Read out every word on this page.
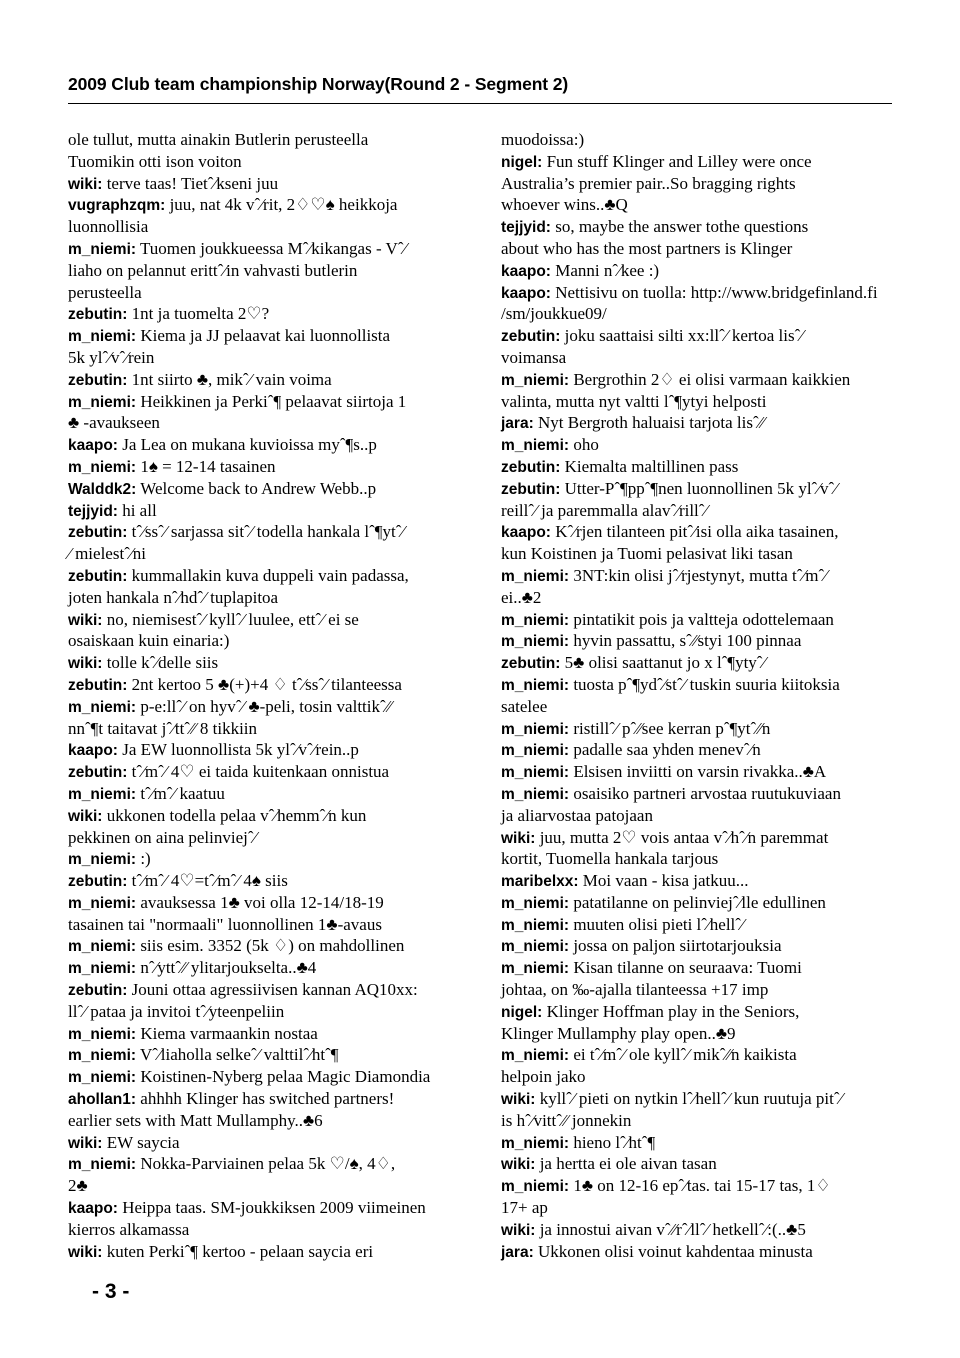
2009 Club team championship Norway(Round 2 - Segment 2)
ole tullut, mutta ainakin Butlerin perusteella
Tuomikin otti ison voiton
wiki: terve taas! Tietˆ⁄kseni juu
vugraphzqm: juu, nat 4k vˆ⁄rit, 2♢♡♠ heikkoja
luonnollisia
m_niemi: Tuomen joukkueessa Mˆ⁄kikangas - Vˆ⁄
liaho on pelannut erittˆ⁄in vahvasti butlerin
perusteella
zebutin: 1nt ja tuomelta 2♡?
m_niemi: Kiema ja JJ pelaavat kai luonnollista
5k ylˆ⁄vˆ⁄rein
zebutin: 1nt siirto ♣, mikˆ⁄ vain voima
m_niemi: Heikkinen ja Perkiˆ¶ pelaavat siirtoja 1
♣ -avaukseen
kaapo: Ja Lea on mukana kuvioissa myˆ¶s..p
m_niemi: 1♠ = 12-14 tasainen
Walddk2: Welcome back to Andrew Webb..p
tejjyid: hi all
zebutin: tˆ⁄ssˆ⁄ sarjassa sitˆ⁄ todella hankala lˆ¶ytˆ⁄
⁄ mielestˆ⁄ni
zebutin: kummallakin kuva duppeli vain padassa,
joten hankala nˆ⁄hdˆ⁄ tuplapitoa
wiki: no, niemisestˆ⁄ kyllˆ⁄ luulee, ettˆ⁄ ei se
osaiskaan kuin einaria:)
wiki: tolle kˆ⁄delle siis
zebutin: 2nt kertoo 5 ♣(+)+4 ♢ tˆ⁄ssˆ⁄ tilanteessa
m_niemi: p-e:llˆ⁄ on hyvˆ⁄ ♣-peli, tosin valttikˆ⁄⁄
nnˆ¶t taitavat jˆ⁄ttˆ⁄⁄ 8 tikkiin
kaapo: Ja EW luonnollista 5k ylˆ⁄vˆ⁄rein..p
zebutin: tˆ⁄mˆ⁄ 4♡ ei taida kuitenkaan onnistua
m_niemi: tˆ⁄mˆ⁄ kaatuu
wiki: ukkonen todella pelaa vˆ⁄hemmˆ⁄n kun
pekkinen on aina pelinviejˆ⁄
m_niemi: :)
zebutin: tˆ⁄mˆ⁄ 4♡=tˆ⁄mˆ⁄ 4♠ siis
m_niemi: avauksessa 1♣ voi olla 12-14/18-19
tasainen tai "normaali" luonnollinen 1♣-avaus
m_niemi: siis esim. 3352 (5k ♢) on mahdollinen
m_niemi: nˆ⁄yttˆ⁄⁄ ylitarjoukselta..♣4
zebutin: Jouni ottaa agressiivisen kannan AQ10xx:
llˆ⁄ pataa ja invitoi tˆ⁄yteenpeliin
m_niemi: Kiema varmaankin nostaa
m_niemi: Vˆ⁄liaholla selkeˆ⁄ valttilˆ⁄htˆ¶
m_niemi: Koistinen-Nyberg pelaa Magic Diamondia
ahollan1: ahhhh Klinger has switched partners!
earlier sets with Matt Mullamphy..♣6
wiki: EW saycia
m_niemi: Nokka-Parviainen pelaa 5k ♡/♠, 4♢,
2♣
kaapo: Heippa taas. SM-joukkiksen 2009 viimeinen
kierros alkamassa
wiki: kuten Perkiˆ¶ kertoo - pelaan saycia eri
muodoissa:)
nigel: Fun stuff Klinger and Lilley were once
Australia’s premier pair..So bragging rights
whoever wins..♣Q
tejjyid: so, maybe the answer tothe questions
about who has the most partners is Klinger
kaapo: Manni nˆ⁄kee :)
kaapo: Nettisivu on tuolla: http://www.bridgefinland.fi
/sm/joukkue09/
zebutin: joku saattaisi silti xx:llˆ⁄ kertoa lisˆ⁄
voimansa
m_niemi: Bergrothin 2♢ ei olisi varmaan kaikkien
valinta, mutta nyt valtti lˆ¶ytyi helposti
jara: Nyt Bergroth haluaisi tarjota lisˆ⁄⁄
m_niemi: oho
zebutin: Kiemalta maltillinen pass
zebutin: Utter-Pˆ¶ppˆ¶nen luonnollinen 5k ylˆ⁄vˆ⁄
reillˆ⁄ ja paremmalla alavˆ⁄rillˆ⁄
kaapo: Kˆ⁄rjen tilanteen pitˆ⁄isi olla aika tasainen,
kun Koistinen ja Tuomi pelasivat liki tasan
m_niemi: 3NT:kin olisi jˆ⁄rjestynyt, mutta tˆ⁄mˆ⁄
ei..♣2
m_niemi: pintatikit pois ja valtteja odottelemaan
m_niemi: hyvin passattu, sˆ⁄⁄styi 100 pinnaa
zebutin: 5♣ olisi saattanut jo x lˆ¶ytyˆ⁄
m_niemi: tuosta pˆ¶ydˆ⁄stˆ⁄ tuskin suuria kiitoksia
satelee
m_niemi: ristillˆ⁄ pˆ⁄⁄see kerran pˆ¶ytˆ⁄⁄n
m_niemi: padalle saa yhden menevˆ⁄n
m_niemi: Elsisen inviitti on varsin rivakka..♣A
m_niemi: osaisiko partneri arvostaa ruutukuviaan
ja aliarvostaa patojaan
wiki: juu, mutta 2♡ vois antaa vˆ⁄hˆ⁄n paremmat
kortit, Tuomella hankala tarjous
maribelxx: Moi vaan - kisa jatkuu...
m_niemi: patatilanne on pelinviejˆ⁄lle edullinen
m_niemi: muuten olisi pieti lˆ⁄hellˆ⁄
m_niemi: jossa on paljon siirtotarjouksia
m_niemi: Kisan tilanne on seuraava: Tuomi
johtaa, on ‰-ajalla tilanteessa +17 imp
nigel: Klinger Hoffman play in the Seniors,
Klinger Mullamphy play open..♣9
m_niemi: ei tˆ⁄mˆ⁄ ole kyllˆ⁄ mikˆ⁄⁄n kaikista
helpoin jako
wiki: kyllˆ⁄ pieti on nytkin lˆ⁄hellˆ⁄ kun ruutuja pitˆ⁄
is hˆ⁄vittˆ⁄⁄ jonnekin
m_niemi: hieno lˆ⁄htˆ¶
wiki: ja hertta ei ole aivan tasan
m_niemi: 1♣ on 12-16 epˆ⁄tas. tai 15-17 tas, 1♢
17+ ap
wiki: ja innostui aivan vˆ⁄⁄rˆ⁄llˆ⁄ hetkellˆ⁄:(..♣5
jara: Ukkonen olisi voinut kahdentaa minusta
- 3 -
